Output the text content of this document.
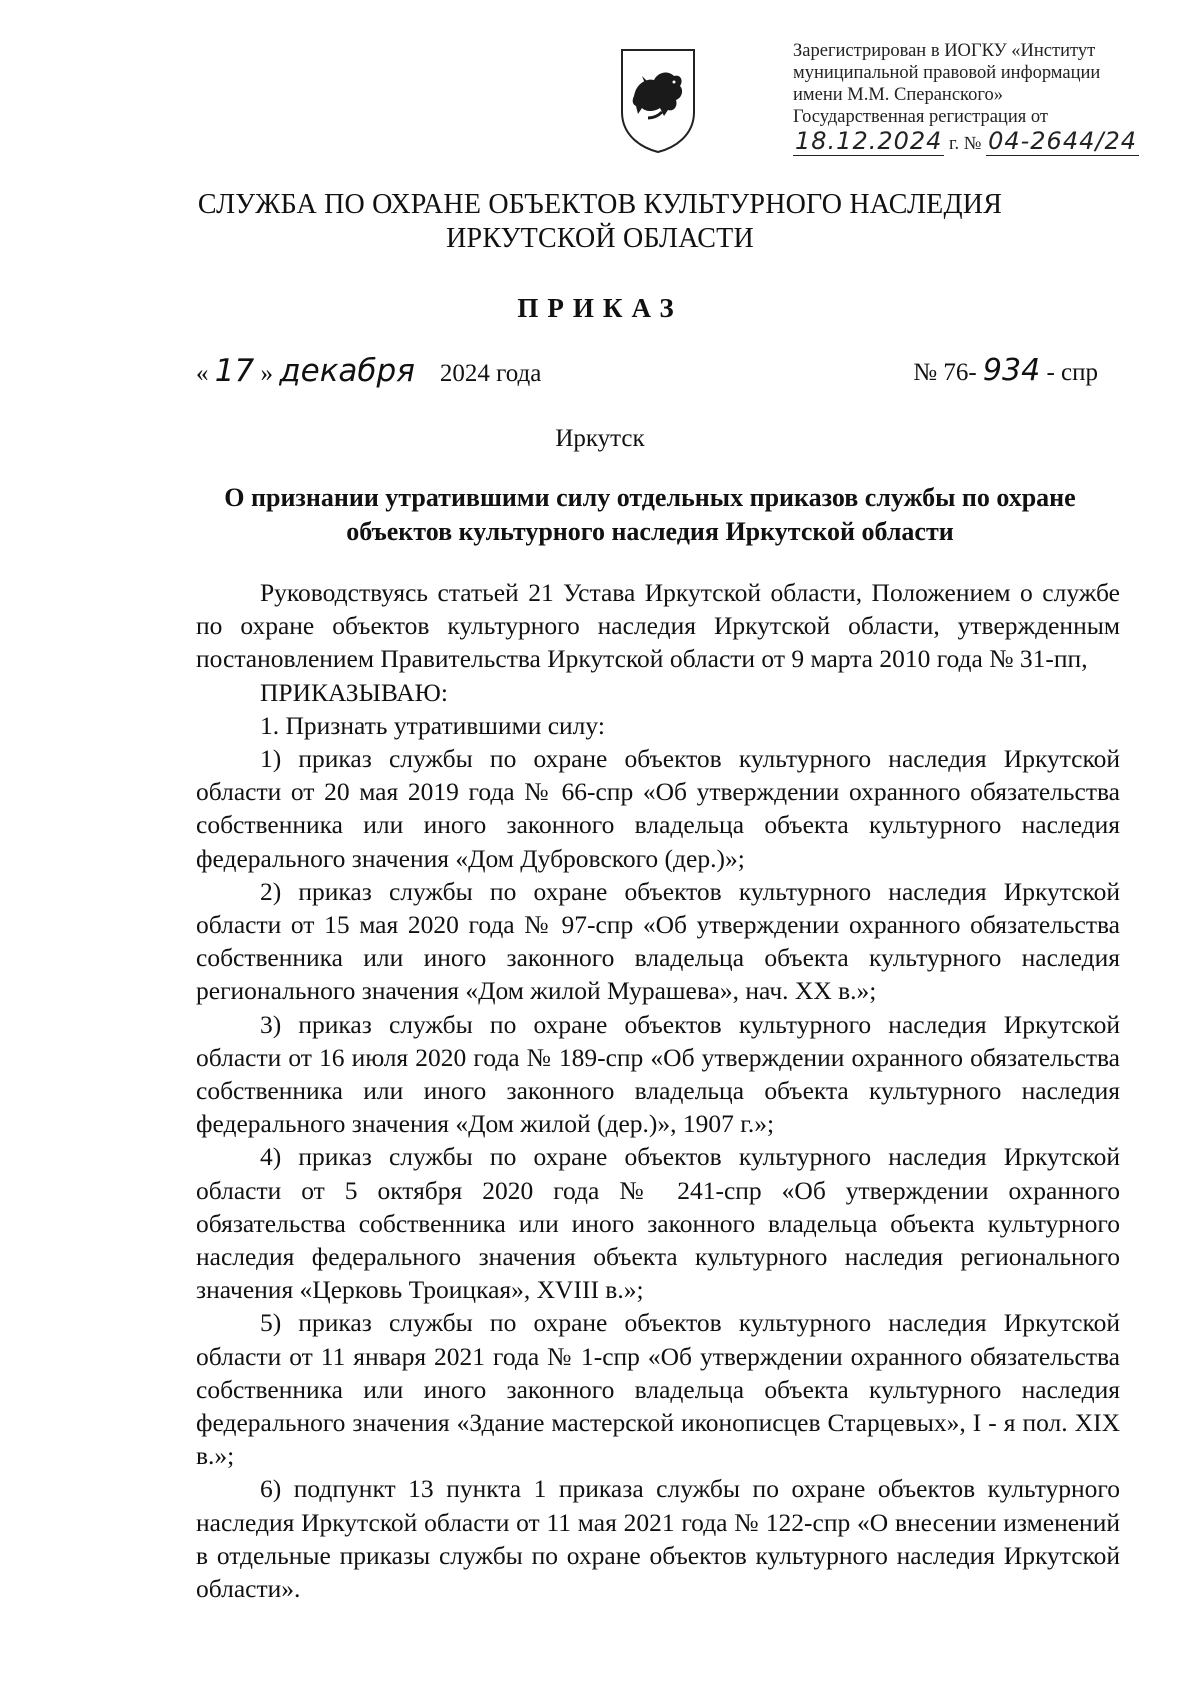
Зарегистрирован в ИОГКУ «Институт
муниципальной правовой информации
имени М.М. Сперанского»
Государственная регистрация от
18.12.2024 г. № 04-2644/24
СЛУЖБА ПО ОХРАНЕ ОБЪЕКТОВ КУЛЬТУРНОГО НАСЛЕДИЯ
ИРКУТСКОЙ ОБЛАСТИ
ПРИКАЗ
« 17 » декабря 2024 года	№ 76- 934 - спр
Иркутск
О признании утратившими силу отдельных приказов службы по охране объектов культурного наследия Иркутской области

Руководствуясь статьей 21 Устава Иркутской области, Положением о службе по охране объектов культурного наследия Иркутской области, утвержденным постановлением Правительства Иркутской области от 9 марта 2010 года № 31-пп,

ПРИКАЗЫВАЮ:

1. Признать утратившими силу:

1) приказ службы по охране объектов культурного наследия Иркутской области от 20 мая 2019 года № 66-спр «Об утверждении охранного обязательства собственника или иного законного владельца объекта культурного наследия федерального значения «Дом Дубровского (дер.)»;

2) приказ службы по охране объектов культурного наследия Иркутской области от 15 мая 2020 года № 97-спр «Об утверждении охранного обязательства собственника или иного законного владельца объекта культурного наследия регионального значения «Дом жилой Мурашева», нач. XX в.»;

3) приказ службы по охране объектов культурного наследия Иркутской области от 16 июля 2020 года № 189-спр «Об утверждении охранного обязательства собственника или иного законного владельца объекта культурного наследия федерального значения «Дом жилой (дер.)», 1907 г.»;

4) приказ службы по охране объектов культурного наследия Иркутской области от 5 октября 2020 года № 241-спр «Об утверждении охранного обязательства собственника или иного законного владельца объекта культурного наследия федерального значения объекта культурного наследия регионального значения «Церковь Троицкая», XVIII в.»;

5) приказ службы по охране объектов культурного наследия Иркутской области от 11 января 2021 года № 1-спр «Об утверждении охранного обязательства собственника или иного законного владельца объекта культурного наследия федерального значения «Здание мастерской иконописцев Старцевых», I - я пол. XIX в.»;

6) подпункт 13 пункта 1 приказа службы по охране объектов культурного наследия Иркутской области от 11 мая 2021 года № 122-спр «О внесении изменений в отдельные приказы службы по охране объектов культурного наследия Иркутской области».
